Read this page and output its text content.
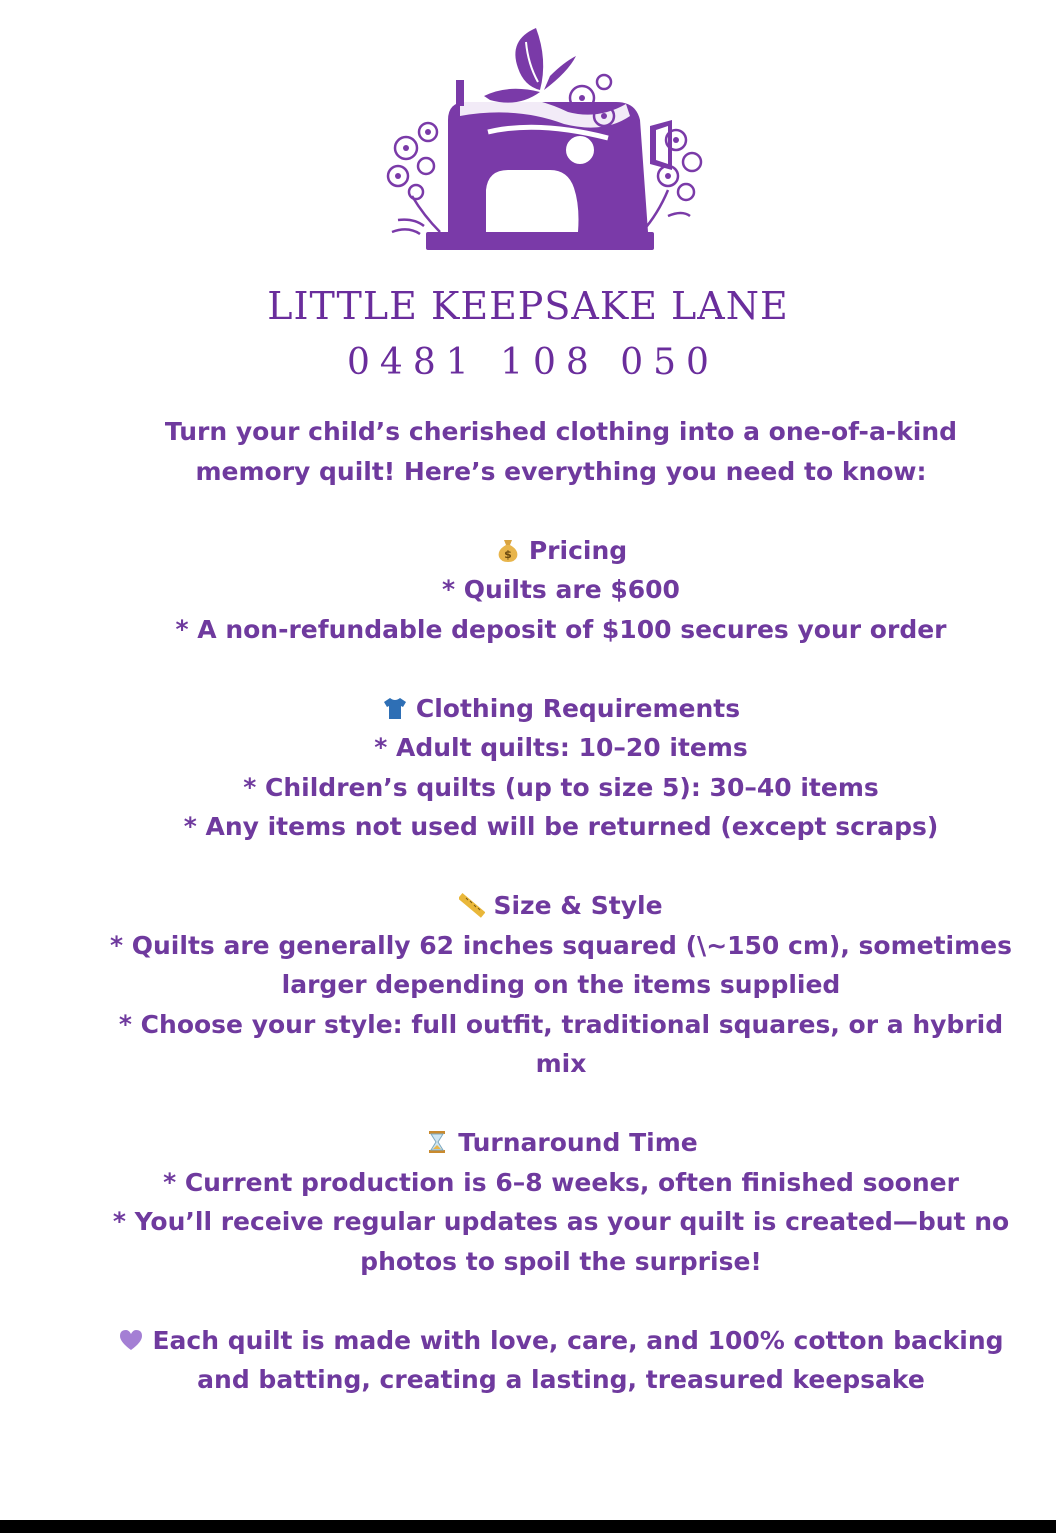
LITTLE KEEPSAKE LANE
0481 108 050

Turn your child’s cherished clothing into a one-of-a-kind

memory quilt! Here’s everything you need to know:

$ Pricing

* Quilts are $600

* A non-refundable deposit of $100 secures your order

Clothing Requirements

* Adult quilts: 10–20 items

* Children’s quilts (up to size 5): 30–40 items

* Any items not used will be returned (except scraps)

Size & Style

* Quilts are generally 62 inches squared (\~150 cm), sometimes

larger depending on the items supplied

* Choose your style: full outfit, traditional squares, or a hybrid

mix

Turnaround Time

* Current production is 6–8 weeks, often finished sooner

* You’ll receive regular updates as your quilt is created—but no

photos to spoil the surprise!

Each quilt is made with love, care, and 100% cotton backing

and batting, creating a lasting, treasured keepsake
